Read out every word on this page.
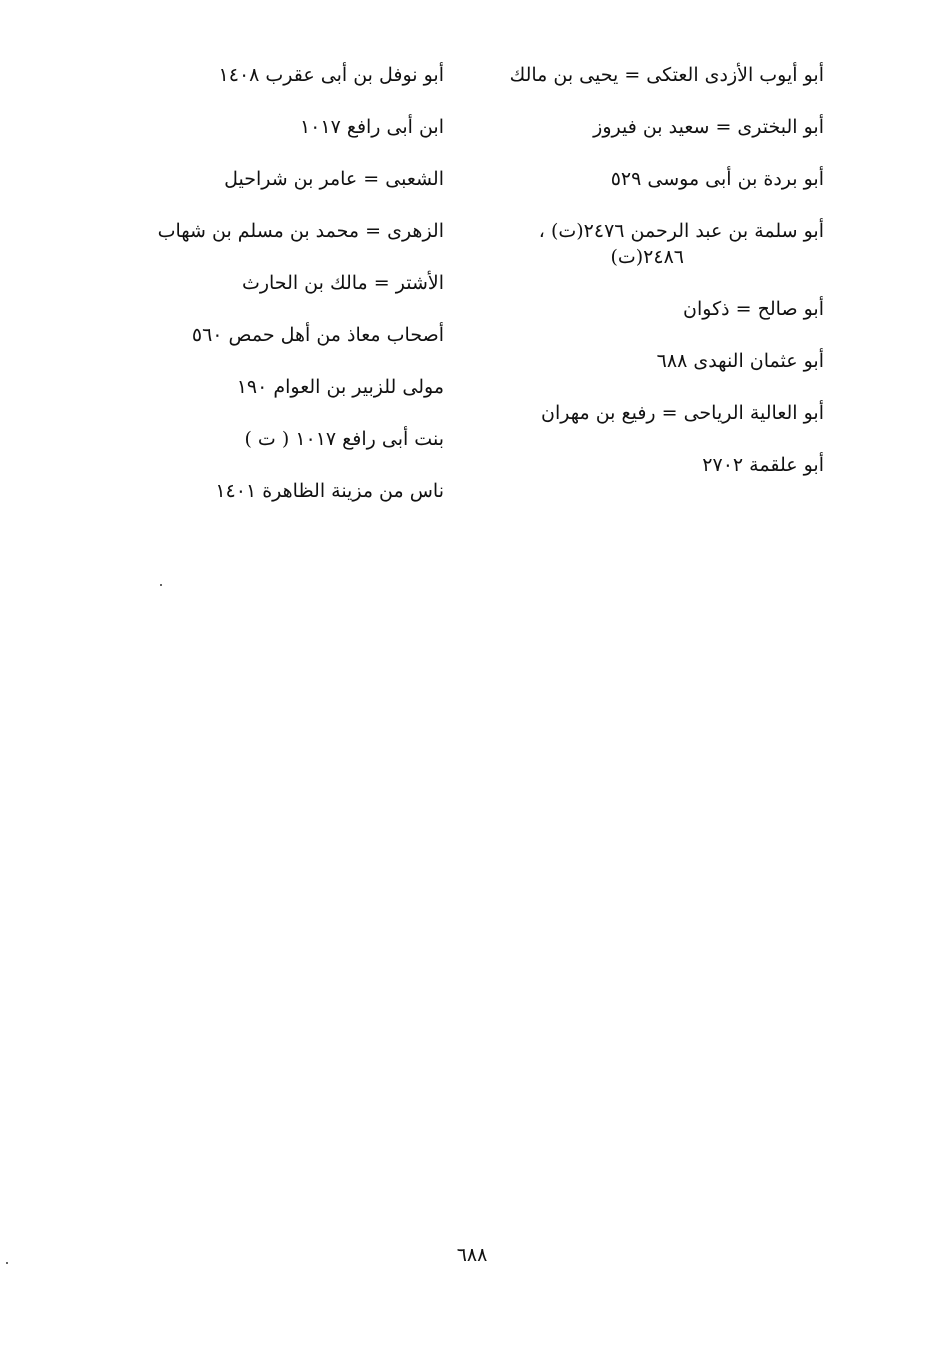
أبو أيوب الأزدى العتكى = يحيى بن مالك
أبو البخترى = سعيد بن فيروز
أبو بردة بن أبى موسى ٥٢٩
أبو سلمة بن عبد الرحمن ٢٤٧٦(ت) ،
٢٤٨٦(ت)
أبو صالح = ذكوان
أبو عثمان النهدى ٦٨٨
أبو العالية الرياحى = رفيع بن مهران
أبو علقمة ٢٧٠٢
أبو نوفل بن أبى عقرب ١٤٠٨
ابن أبى رافع ١٠١٧
الشعبى = عامر بن شراحيل
الزهرى = محمد بن مسلم بن شهاب
الأشتر = مالك بن الحارث
أصحاب معاذ من أهل حمص ٥٦٠
مولى للزبير بن العوام ١٩٠
بنت أبى رافع ١٠١٧ ( ت )
ناس من مزينة الظاهرة ١٤٠١
٦٨٨
